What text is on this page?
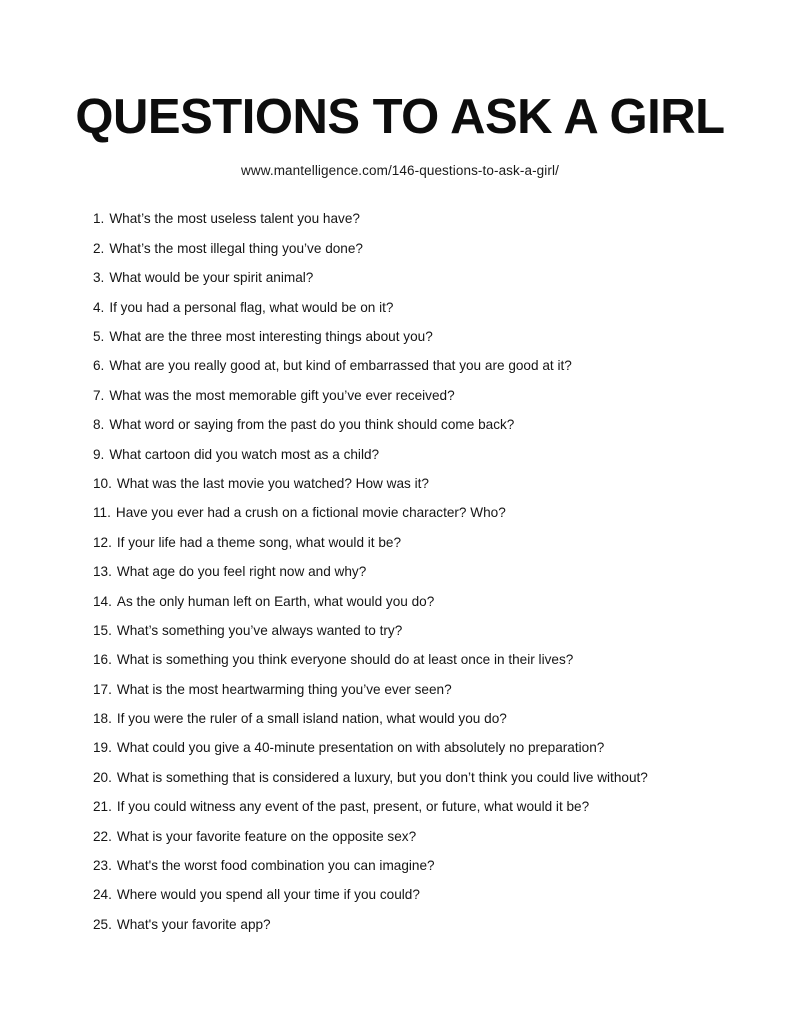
QUESTIONS TO ASK A GIRL

www.mantelligence.com/146-questions-to-ask-a-girl/

1. What’s the most useless talent you have?
2. What’s the most illegal thing you’ve done?
3. What would be your spirit animal?
4. If you had a personal flag, what would be on it?
5. What are the three most interesting things about you?
6. What are you really good at, but kind of embarrassed that you are good at it?
7. What was the most memorable gift you’ve ever received?
8. What word or saying from the past do you think should come back?
9. What cartoon did you watch most as a child?
10. What was the last movie you watched? How was it?
11. Have you ever had a crush on a fictional movie character? Who?
12. If your life had a theme song, what would it be?
13. What age do you feel right now and why?
14. As the only human left on Earth, what would you do?
15. What’s something you’ve always wanted to try?
16. What is something you think everyone should do at least once in their lives?
17. What is the most heartwarming thing you’ve ever seen?
18. If you were the ruler of a small island nation, what would you do?
19. What could you give a 40-minute presentation on with absolutely no preparation?
20. What is something that is considered a luxury, but you don’t think you could live without?
21. If you could witness any event of the past, present, or future, what would it be?
22. What is your favorite feature on the opposite sex?
23. What's the worst food combination you can imagine?
24. Where would you spend all your time if you could?
25. What's your favorite app?
